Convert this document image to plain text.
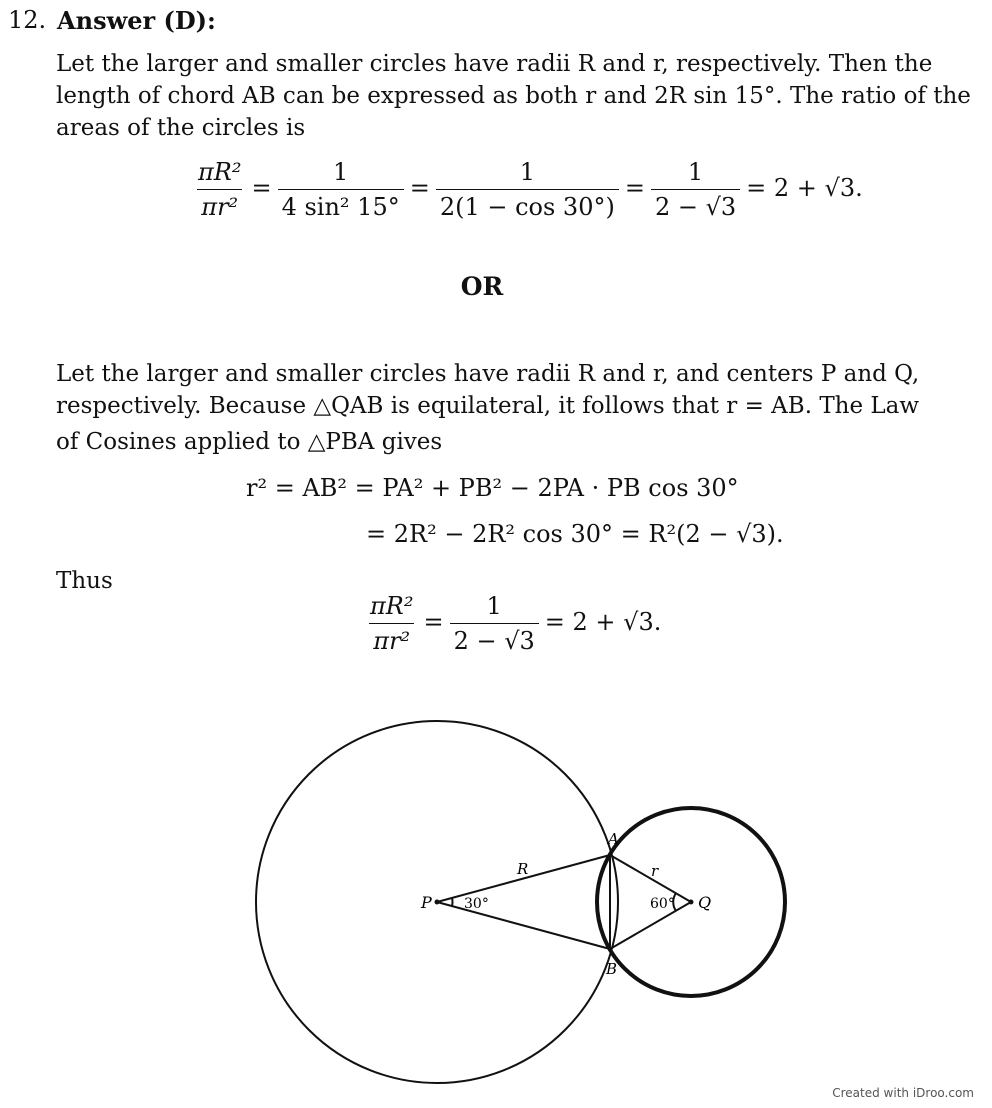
12. Answer (D):
Let the larger and smaller circles have radii R and r, respectively. Then the
length of chord AB can be expressed as both r and 2R sin 15°. The ratio of the
areas of the circles is
$\frac{\text{πR²}}{\text{πr²}} = \frac{1}{\text{4 sin² 15°}} = \frac{1}{2(1 - \cos 30^\circ)} = \frac{1}{2 - √3} = 2 + √3$.
OR
Let the larger and smaller circles have radii R and r, and centers P and Q,
respectively. Because △QAB is equilateral, it follows that r = AB. The Law
of Cosines applied to △PBA gives
r² = AB² = PA² + PB² − 2PA · PB cos 30°
= 2R² − 2R² cos 30° = R²(2 − √3).
Thus
$\frac{\text{πR²}}{\text{πr²}} = \frac{1}{2 - √3} = 2 + √3$.
A
B
P	Q
R	r
30°	60°
Created with iDroo.com
